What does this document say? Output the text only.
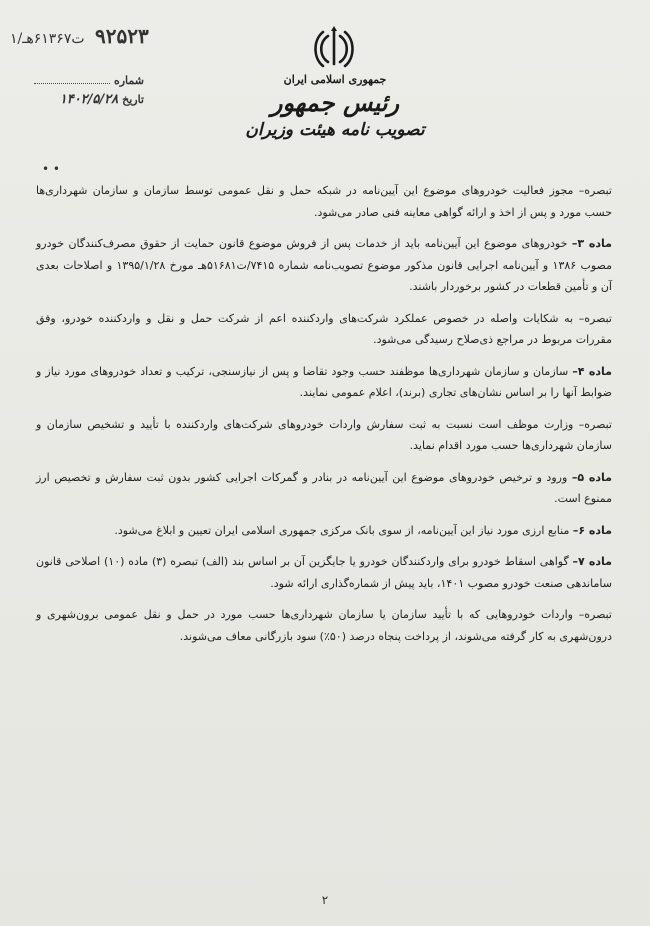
۹۲۵۲۳ ت۶۱۳۶۷هـ/۱
شماره
تاریخ
۱۴۰۲/۵/۲۸
جمهوری اسلامی ایران
رئیس جمهور
تصویب نامه هیئت وزیران
• •

تبصره– مجوز فعالیت خودروهای موضوع این آیین‌نامه در شبکه حمل و نقل عمومی توسط سازمان و سازمان شهرداری‌ها حسب مورد و پس از اخذ و ارائه گواهی معاینه فنی صادر می‌شود.

ماده ۳– خودروهای موضوع این آیین‌نامه باید از خدمات پس از فروش موضوع قانون حمایت از حقوق مصرف‌کنندگان خودرو مصوب ۱۳۸۶ و آیین‌نامه اجرایی قانون مذکور موضوع تصویب‌نامه شماره ۷۴۱۵/ت۵۱۶۸۱هـ مورخ ۱۳۹۵/۱/۲۸ و اصلاحات بعدی آن و تأمین قطعات در کشور برخوردار باشند.

تبصره– به شکایات واصله در خصوص عملکرد شرکت‌های واردکننده اعم از شرکت حمل و نقل و واردکننده خودرو، وفق مقررات مربوط در مراجع ذی‌صلاح رسیدگی می‌شود.

ماده ۴– سازمان و سازمان شهرداری‌ها موظفند حسب وجود تقاضا و پس از نیازسنجی، ترکیب و تعداد خودروهای مورد نیاز و ضوابط آنها را بر اساس نشان‌های تجاری (برند)، اعلام عمومی نمایند.

تبصره– وزارت موظف است نسبت به ثبت سفارش واردات خودروهای شرکت‌های واردکننده با تأیید و تشخیص سازمان و سازمان شهرداری‌ها حسب مورد اقدام نماید.

ماده ۵– ورود و ترخیص خودروهای موضوع این آیین‌نامه در بنادر و گمرکات اجرایی کشور بدون ثبت سفارش و تخصیص ارز ممنوع است.

ماده ۶– منابع ارزی مورد نیاز این آیین‌نامه، از سوی بانک مرکزی جمهوری اسلامی ایران تعیین و ابلاغ می‌شود.

ماده ۷– گواهی اسقاط خودرو برای واردکنندگان خودرو یا جایگزین آن بر اساس بند (الف) تبصره (۳) ماده (۱۰) اصلاحی قانون ساماندهی صنعت خودرو مصوب ۱۴۰۱، باید پیش از شماره‌گذاری ارائه شود.

تبصره– واردات خودروهایی که با تأیید سازمان یا سازمان شهرداری‌ها حسب مورد در حمل و نقل عمومی برون‌شهری و درون‌شهری به کار گرفته می‌شوند، از پرداخت پنجاه درصد (۵۰٪) سود بازرگانی معاف می‌شوند.

۲
